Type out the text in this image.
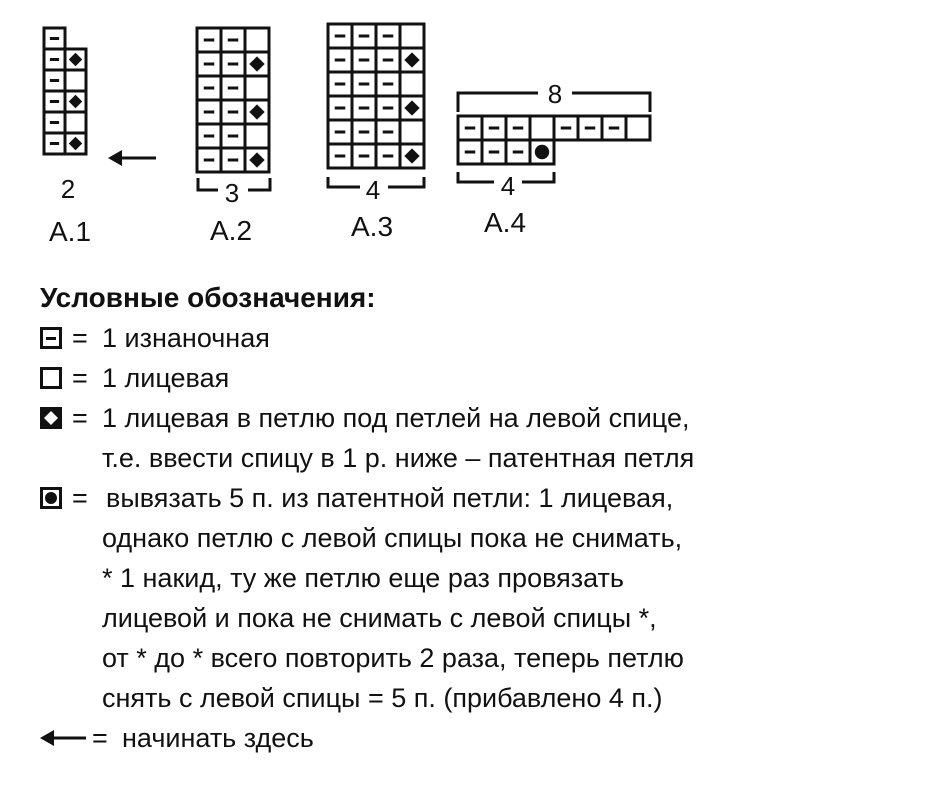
2
A.1
3
A.2
4
A.3
8
4
A.4
Условные обозначения:
= 1 изнаночная
= 1 лицевая
= 1 лицевая в петлю под петлей на левой спице,
т.е. ввести спицу в 1 р. ниже – патентная петля
= вывязать 5 п. из патентной петли: 1 лицевая,
однако петлю с левой спицы пока не снимать,
* 1 накид, ту же петлю еще раз провязать
лицевой и пока не снимать с левой спицы *,
от * до * всего повторить 2 раза, теперь петлю
снять с левой спицы = 5 п. (прибавлено 4 п.)
= начинать здесь
